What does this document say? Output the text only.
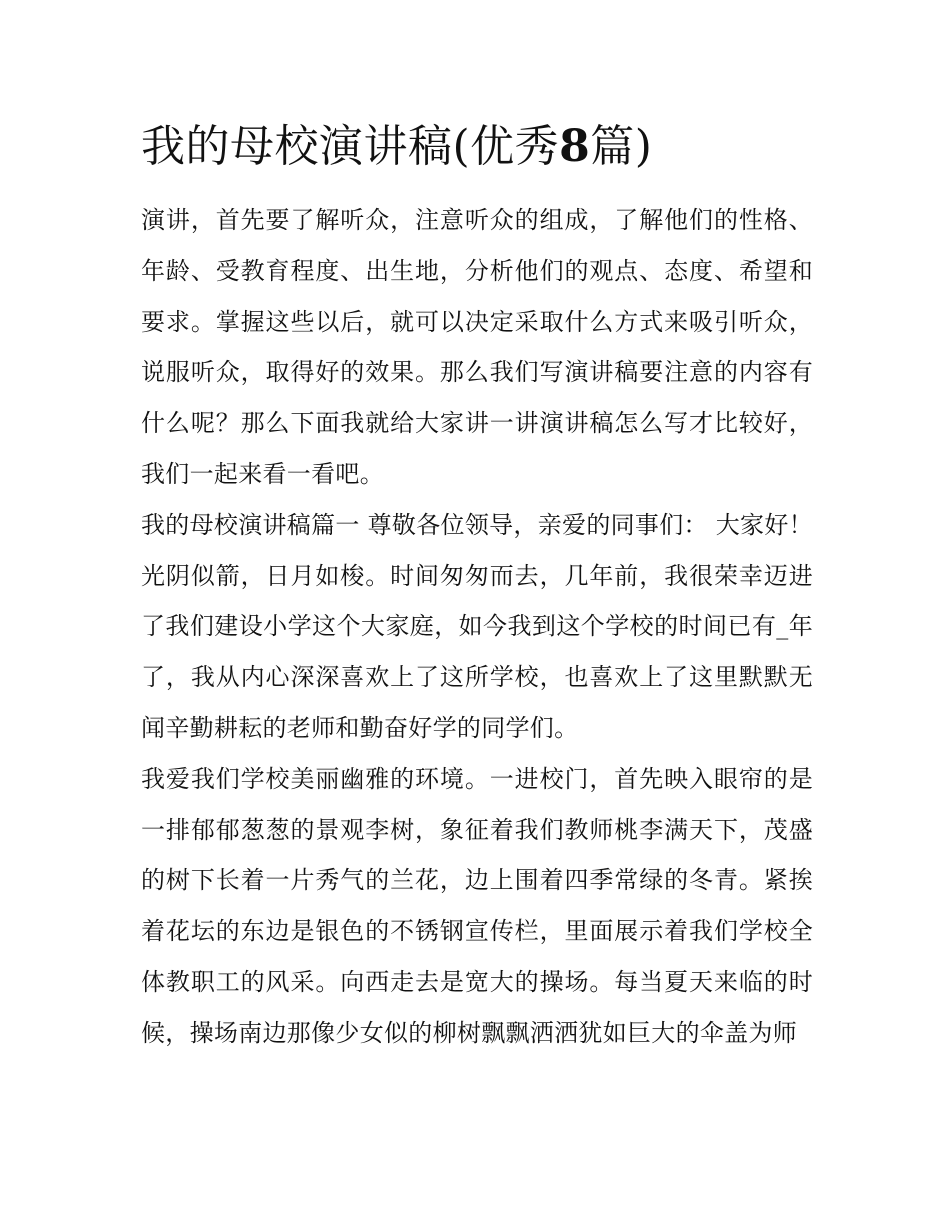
我的母校演讲稿(优秀8篇)

演讲，首先要了解听众，注意听众的组成，了解他们的性格、年龄、受教育程度、出生地，分析他们的观点、态度、希望和要求。掌握这些以后，就可以决定采取什么方式来吸引听众，说服听众，取得好的效果。那么我们写演讲稿要注意的内容有什么呢？那么下面我就给大家讲一讲演讲稿怎么写才比较好，我们一起来看一看吧。

我的母校演讲稿篇一 尊敬各位领导，亲爱的同事们： 大家好！

光阴似箭，日月如梭。时间匆匆而去，几年前，我很荣幸迈进了我们建设小学这个大家庭，如今我到这个学校的时间已有_年了，我从内心深深喜欢上了这所学校，也喜欢上了这里默默无闻辛勤耕耘的老师和勤奋好学的同学们。

我爱我们学校美丽幽雅的环境。一进校门，首先映入眼帘的是一排郁郁葱葱的景观李树，象征着我们教师桃李满天下，茂盛的树下长着一片秀气的兰花，边上围着四季常绿的冬青。紧挨着花坛的东边是银色的不锈钢宣传栏，里面展示着我们学校全体教职工的风采。向西走去是宽大的操场。每当夏天来临的时候，操场南边那像少女似的柳树飘飘洒洒犹如巨大的伞盖为师
